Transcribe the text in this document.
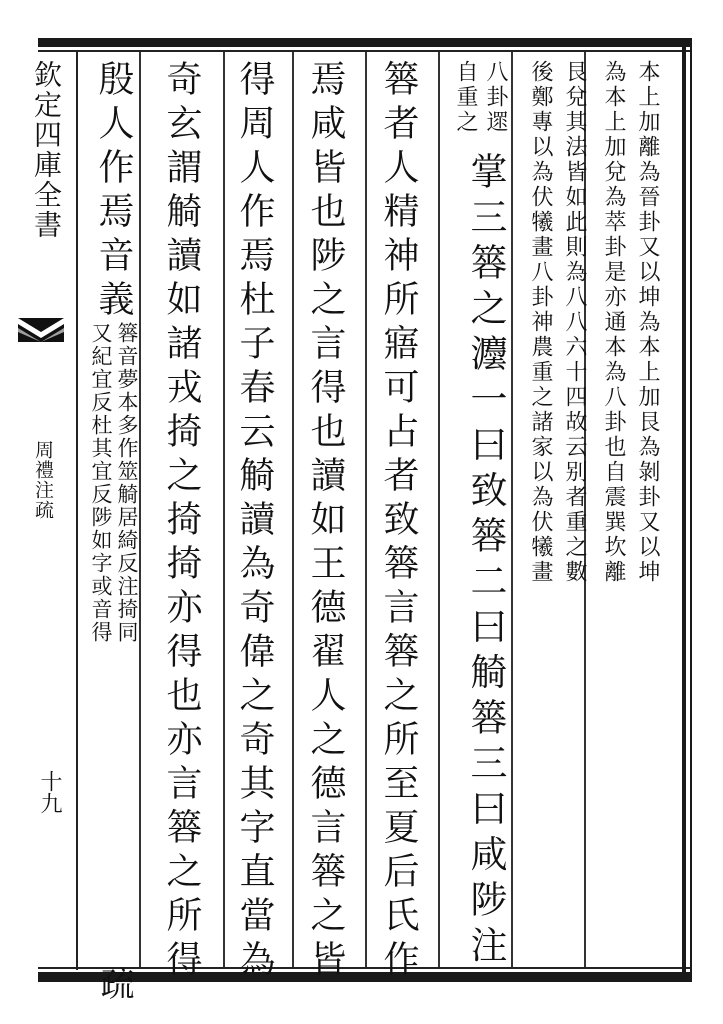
欽定四庫全書
周禮注疏
十九
本上加離為晉卦又以坤為本上加艮為剝卦又以坤
為本上加兌為萃卦是亦通本為八卦也自震巽坎離
艮兌其法皆如此則為八八六十四故云别者重之數
後鄭專以為伏犧畫八卦神農重之諸家以為伏犧畫
八卦遝
自重之
掌三簭之灋一曰致簭二曰觭簭三曰咸陟注
簭者人精神所寤可占者致簭言簭之所至夏后氏作
焉咸皆也陟之言得也讀如王德翟人之德言簭之皆
得周人作焉杜子春云觭讀為奇偉之奇其字直當為
奇玄謂觭讀如諸戎掎之掎掎亦得也亦言簭之所得
殷人作焉音義
簭音夢本多作筮觭居綺反注掎同
又紀宜反杜其宜反陟如字或音得
疏
